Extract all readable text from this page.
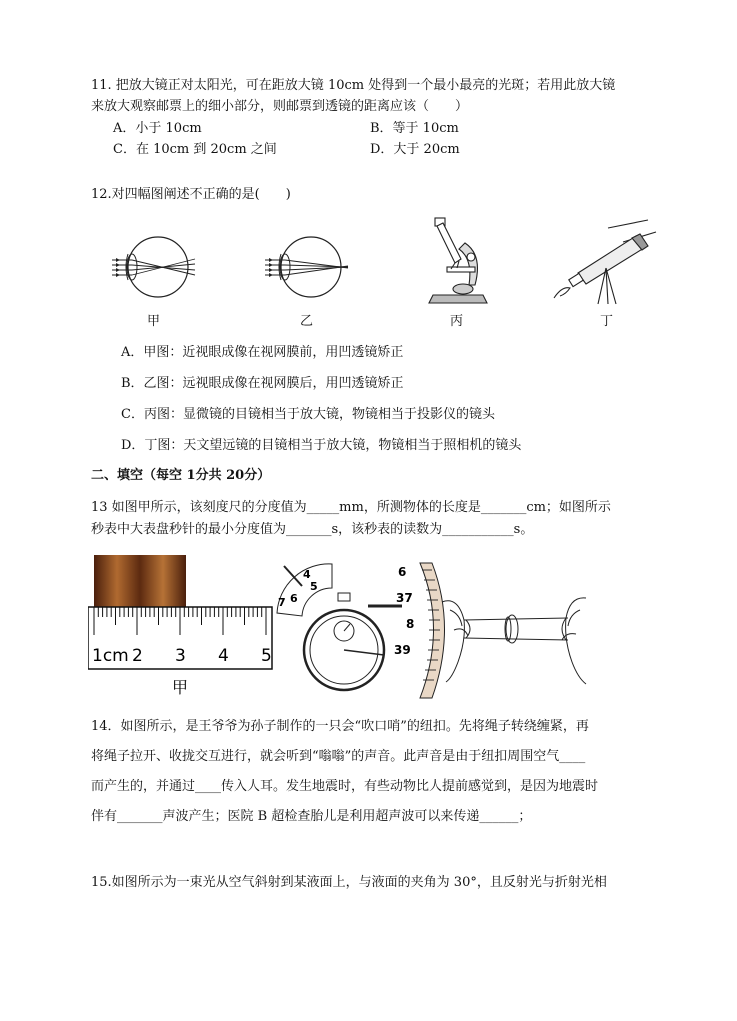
11. 把放大镜正对太阳光，可在距放大镜 10cm 处得到一个最小最亮的光斑；若用此放大镜
来放大观察邮票上的细小部分，则邮票到透镜的距离应该（　　）
A．小于 10cm	B．等于 10cm
C．在 10cm 到 20cm 之间	D．大于 20cm
12.对四幅图阐述不正确的是(　　)
甲	乙	丙	丁
A．甲图：近视眼成像在视网膜前，用凹透镜矫正
B．乙图：远视眼成像在视网膜后，用凹透镜矫正
C．丙图：显微镜的目镜相当于放大镜，物镜相当于投影仪的镜头
D．丁图：天文望远镜的目镜相当于放大镜，物镜相当于照相机的镜头
二、填空（每空 1分共 20分）
13 如图甲所示，该刻度尺的分度值为_____mm，所测物体的长度是_______cm；如图所示
秒表中大表盘秒针的最小分度值为_______s，该秒表的读数为___________s。
1cm 2 3 4 5
甲
4
5
6
7
6
37
8
39
14．如图所示，是王爷爷为孙子制作的一只会“吹口哨”的纽扣。先将绳子转绕缠紧，再
将绳子拉开、收拢交互进行，就会听到“嗡嗡”的声音。此声音是由于纽扣周围空气____
而产生的，并通过____传入人耳。发生地震时，有些动物比人提前感觉到，是因为地震时
伴有_______声波产生；医院 B 超检查胎儿是利用超声波可以来传递______；
15.如图所示为一束光从空气斜射到某液面上，与液面的夹角为 30°，且反射光与折射光相
